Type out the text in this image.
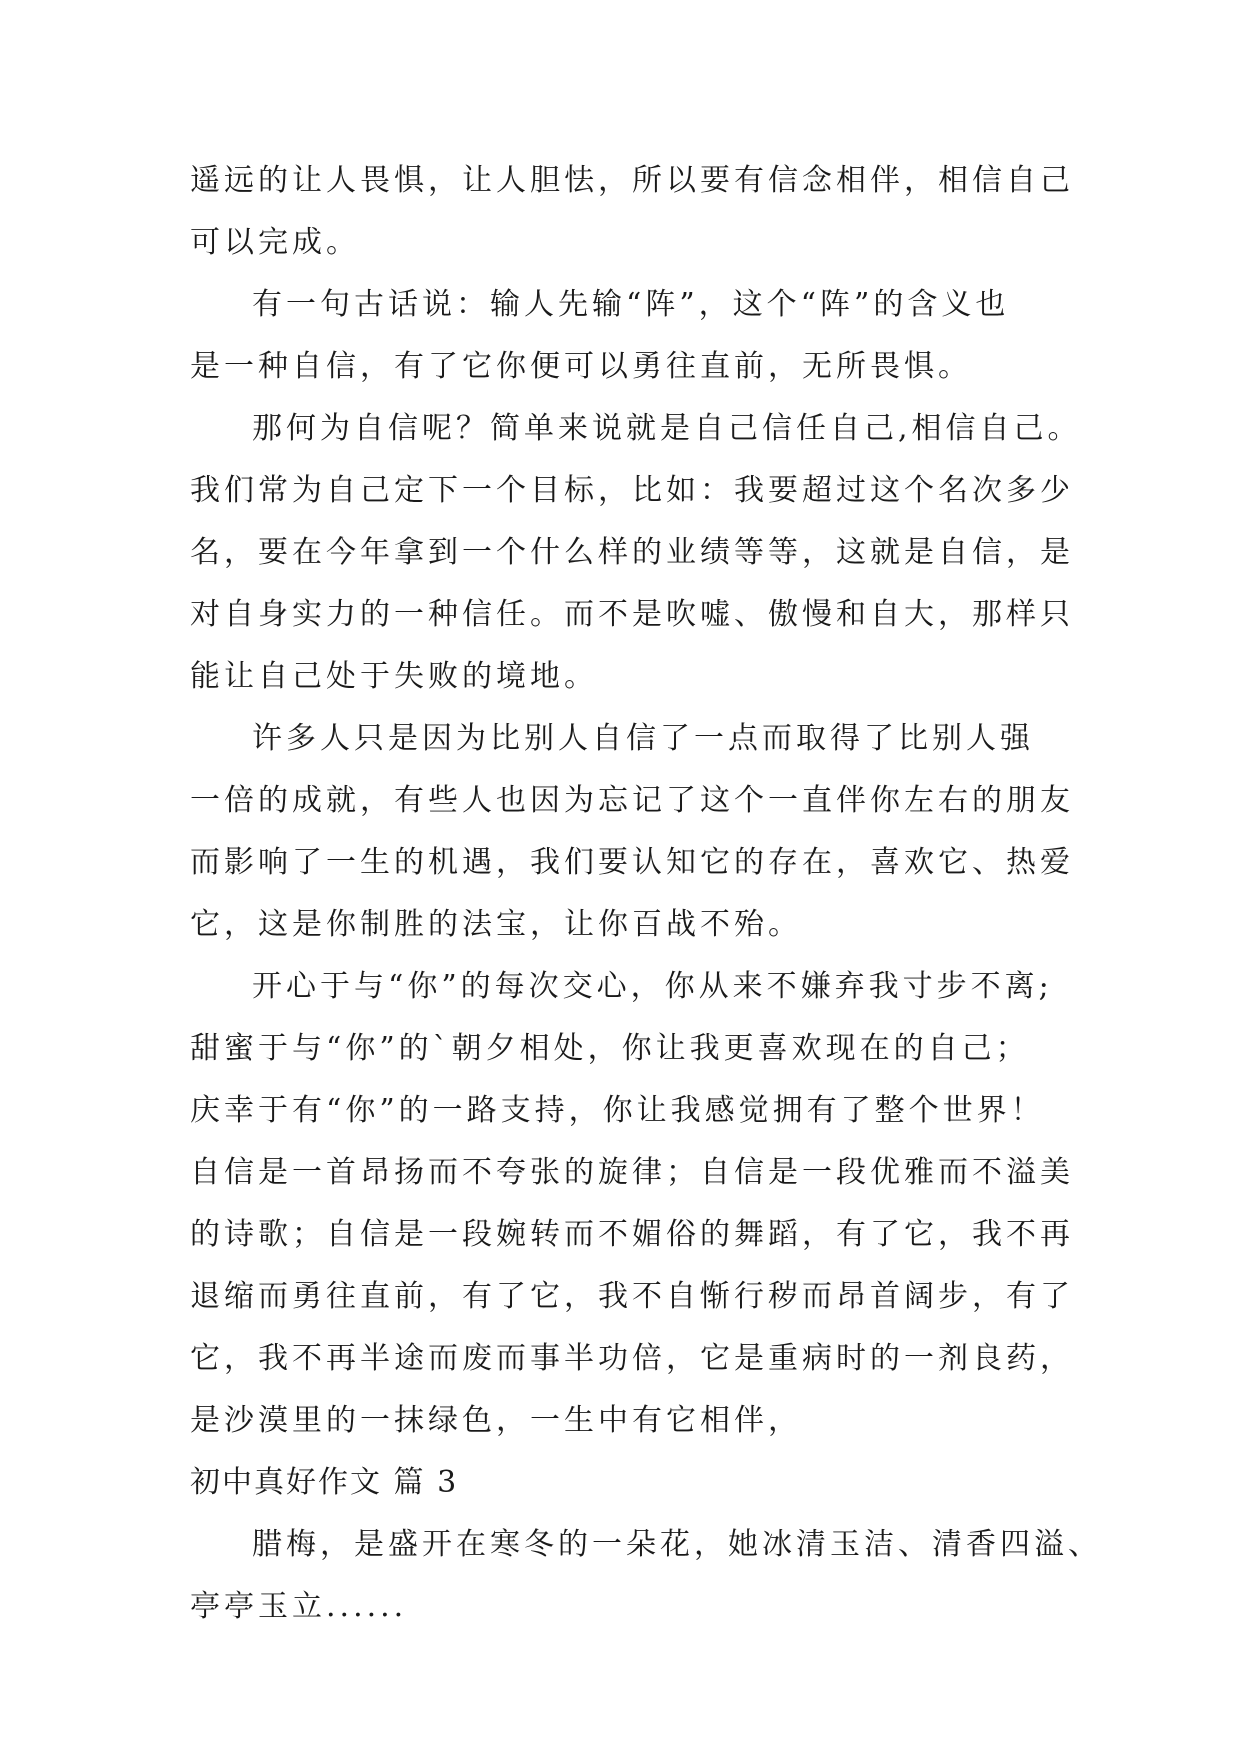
遥远的让人畏惧，让人胆怯，所以要有信念相伴，相信自己
可以完成。
有一句古话说：输人先输“阵”，这个“阵”的含义也
是一种自信，有了它你便可以勇往直前，无所畏惧。
那何为自信呢？简单来说就是自己信任自己,相信自己。
我们常为自己定下一个目标，比如：我要超过这个名次多少
名，要在今年拿到一个什么样的业绩等等，这就是自信，是
对自身实力的一种信任。而不是吹嘘、傲慢和自大，那样只
能让自己处于失败的境地。
许多人只是因为比别人自信了一点而取得了比别人强
一倍的成就，有些人也因为忘记了这个一直伴你左右的朋友
而影响了一生的机遇，我们要认知它的存在，喜欢它、热爱
它，这是你制胜的法宝，让你百战不殆。
开心于与“你”的每次交心，你从来不嫌弃我寸步不离;
甜蜜于与“你”的`朝夕相处，你让我更喜欢现在的自己；
庆幸于有“你”的一路支持，你让我感觉拥有了整个世界！
自信是一首昂扬而不夸张的旋律；自信是一段优雅而不溢美
的诗歌；自信是一段婉转而不媚俗的舞蹈，有了它，我不再
退缩而勇往直前，有了它，我不自惭行秽而昂首阔步，有了
它，我不再半途而废而事半功倍，它是重病时的一剂良药，
是沙漠里的一抹绿色，一生中有它相伴，
初中真好作文 篇 3
腊梅，是盛开在寒冬的一朵花，她冰清玉洁、清香四溢、
亭亭玉立......
